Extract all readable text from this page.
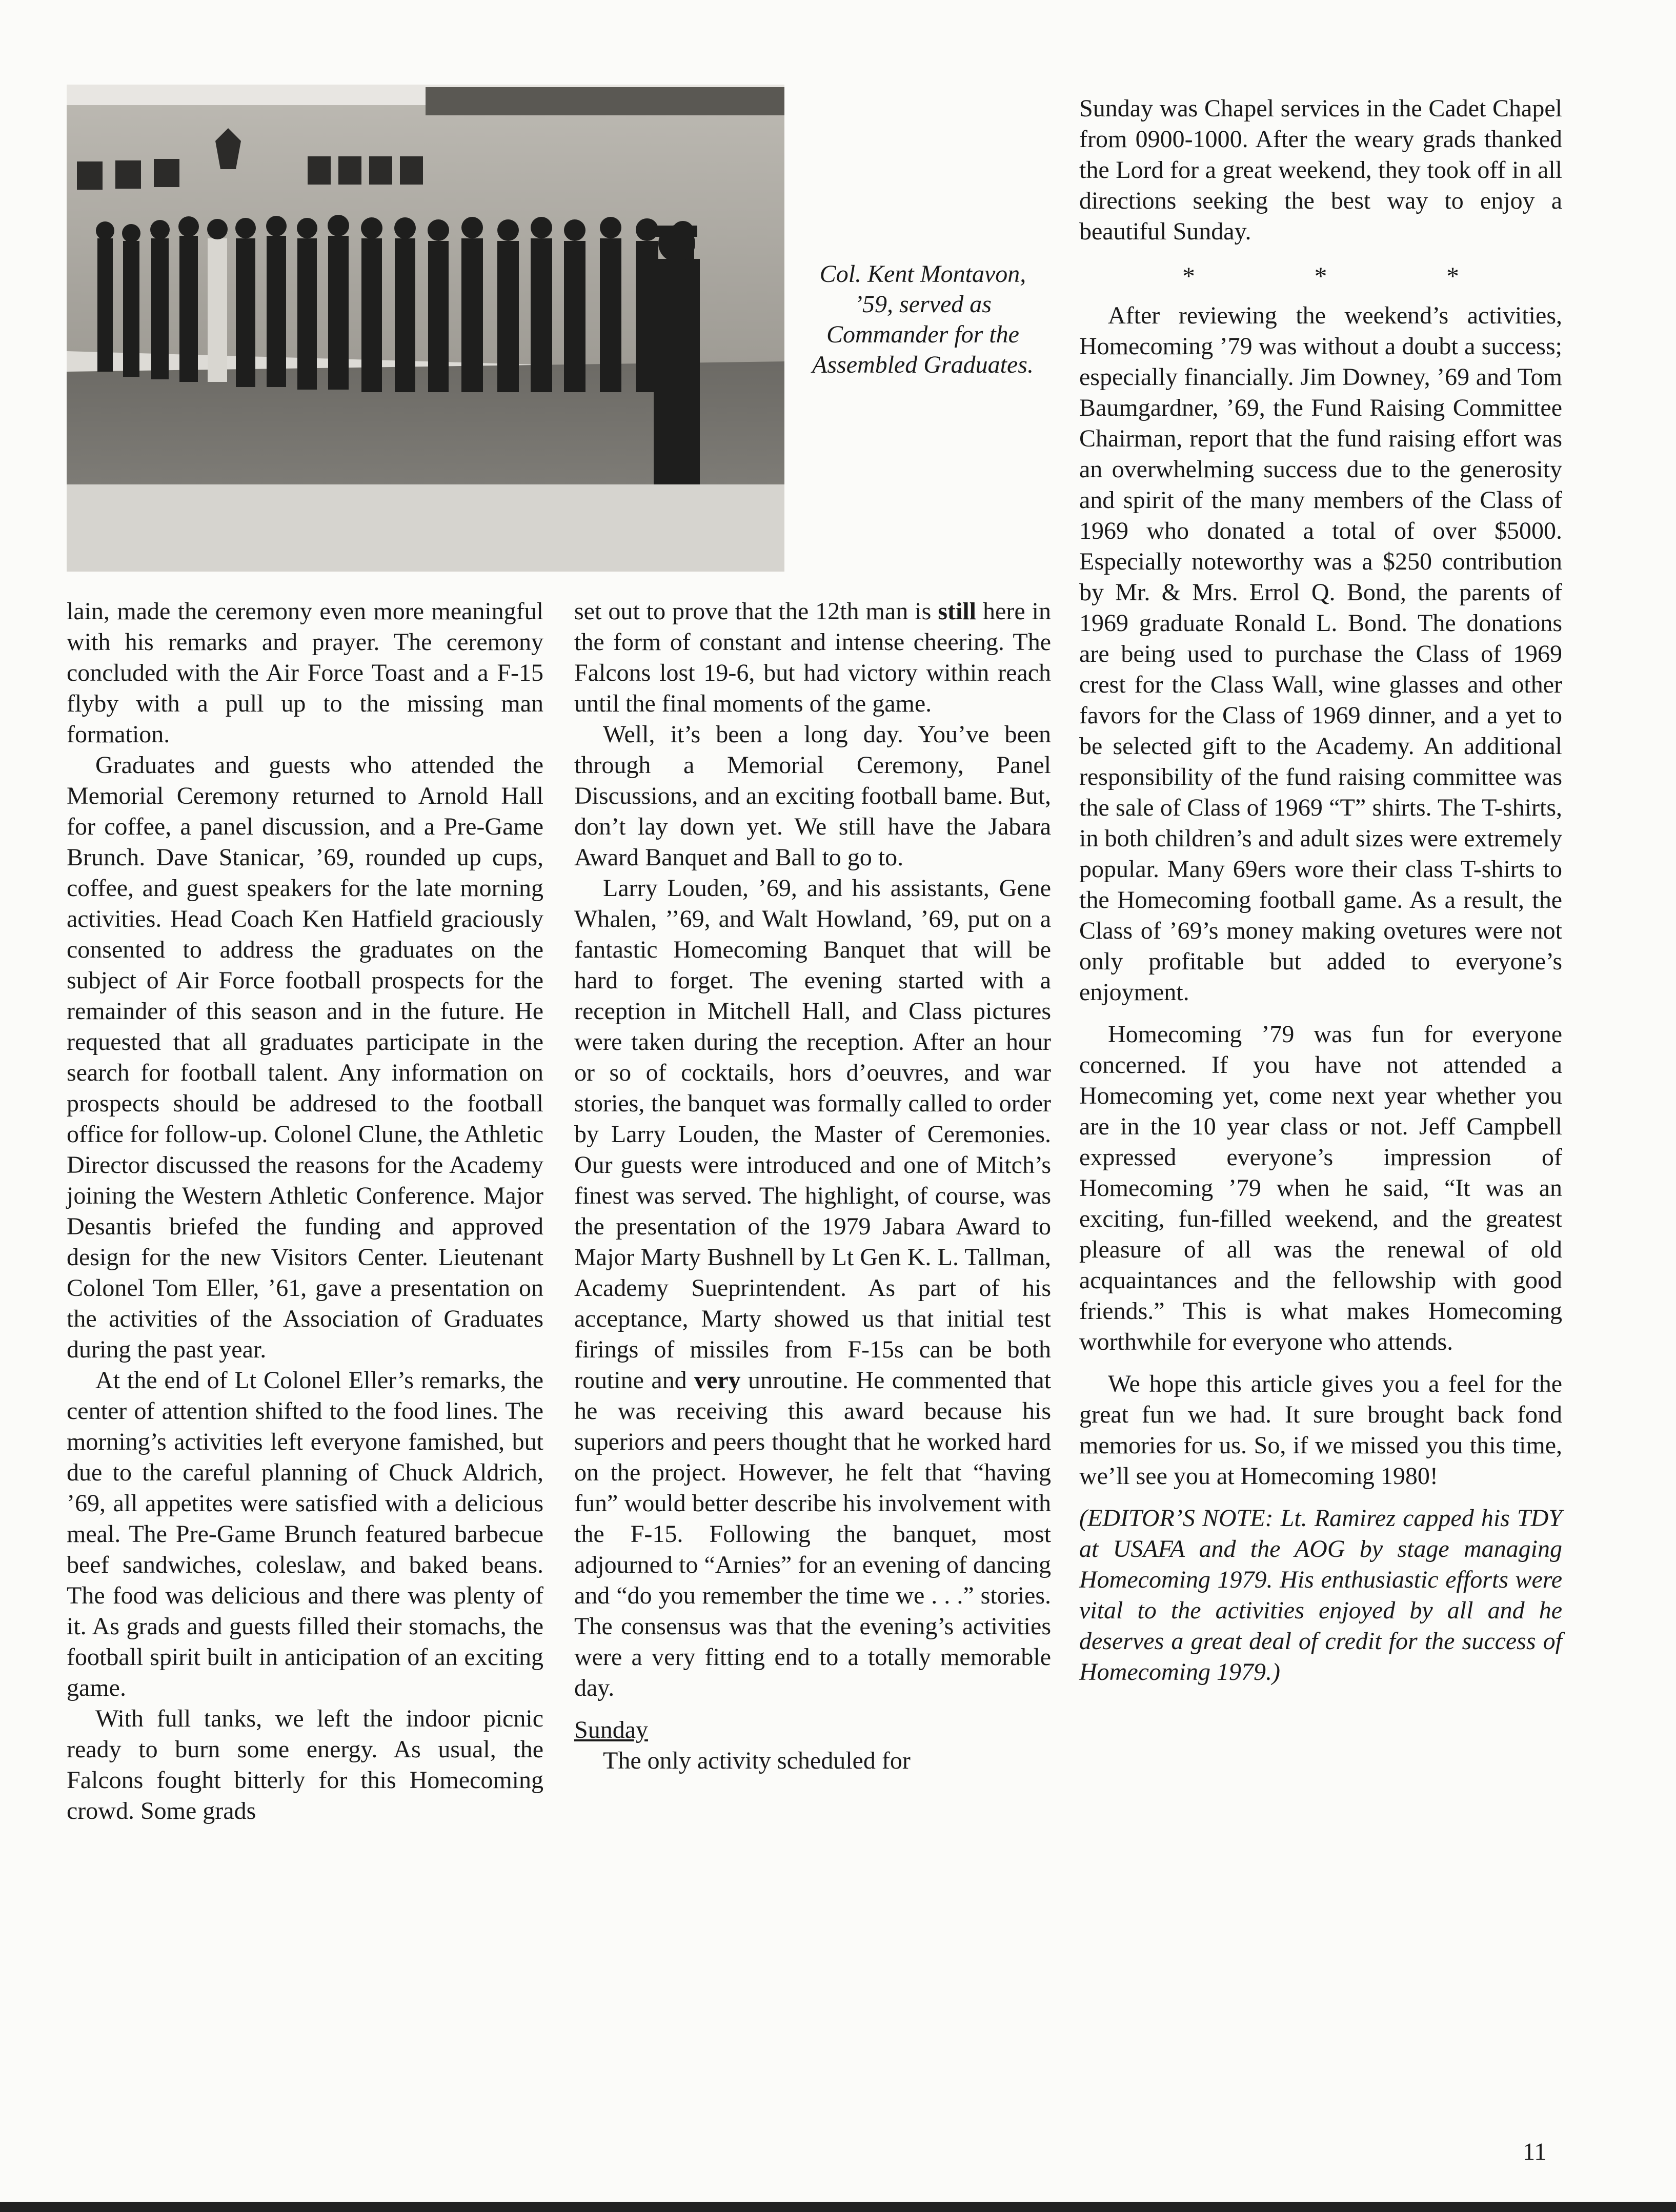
Col. Kent Montavon, ’59, served as Commander for the Assembled Graduates.

lain, made the ceremony even more meaningful with his remarks and prayer. The ceremony concluded with the Air Force Toast and a F-15 flyby with a pull up to the missing man formation.

Graduates and guests who attended the Memorial Ceremony returned to Arnold Hall for coffee, a panel discussion, and a Pre-Game Brunch. Dave Stanicar, ’69, rounded up cups, coffee, and guest speakers for the late morning activities. Head Coach Ken Hatfield graciously consented to address the graduates on the subject of Air Force football prospects for the remainder of this season and in the future. He requested that all graduates participate in the search for football talent. Any information on prospects should be addresed to the football office for follow-up. Colonel Clune, the Athletic Director discussed the reasons for the Academy joining the Western Athletic Conference. Major Desantis briefed the funding and approved design for the new Visitors Center. Lieutenant Colonel Tom Eller, ’61, gave a presentation on the activities of the Association of Graduates during the past year.

At the end of Lt Colonel Eller’s remarks, the center of attention shifted to the food lines. The morning’s activities left everyone famished, but due to the careful planning of Chuck Aldrich, ’69, all appetites were satisfied with a delicious meal. The Pre-Game Brunch featured barbecue beef sandwiches, coleslaw, and baked beans. The food was delicious and there was plenty of it. As grads and guests filled their stomachs, the football spirit built in anticipation of an exciting game.

With full tanks, we left the indoor picnic ready to burn some energy. As usual, the Falcons fought bitterly for this Homecoming crowd. Some grads

set out to prove that the 12th man is still here in the form of constant and intense cheering. The Falcons lost 19-6, but had victory within reach until the final moments of the game.

Well, it’s been a long day. You’ve been through a Memorial Ceremony, Panel Discussions, and an exciting football bame. But, don’t lay down yet. We still have the Jabara Award Banquet and Ball to go to.

Larry Louden, ’69, and his assistants, Gene Whalen, ’’69, and Walt Howland, ’69, put on a fantastic Homecoming Banquet that will be hard to forget. The evening started with a reception in Mitchell Hall, and Class pictures were taken during the reception. After an hour or so of cocktails, hors d’oeuvres, and war stories, the banquet was formally called to order by Larry Louden, the Master of Ceremonies. Our guests were introduced and one of Mitch’s finest was served. The highlight, of course, was the presentation of the 1979 Jabara Award to Major Marty Bushnell by Lt Gen K. L. Tallman, Academy Sueprintendent. As part of his acceptance, Marty showed us that initial test firings of missiles from F-15s can be both routine and very unroutine. He commented that he was receiving this award because his superiors and peers thought that he worked hard on the project. However, he felt that “having fun” would better describe his involvement with the F-15. Following the banquet, most adjourned to “Arnies” for an evening of dancing and “do you remember the time we . . .” stories. The consensus was that the evening’s activities were a very fitting end to a totally memorable day.

Sunday

The only activity scheduled for

Sunday was Chapel services in the Cadet Chapel from 0900-1000. After the weary grads thanked the Lord for a great weekend, they took off in all directions seeking the best way to enjoy a beautiful Sunday.

* * *

After reviewing the weekend’s activities, Homecoming ’79 was without a doubt a success; especially financially. Jim Downey, ’69 and Tom Baumgardner, ’69, the Fund Raising Committee Chairman, report that the fund raising effort was an overwhelming success due to the generosity and spirit of the many members of the Class of 1969 who donated a total of over $5000. Especially noteworthy was a $250 contribution by Mr. & Mrs. Errol Q. Bond, the parents of 1969 graduate Ronald L. Bond. The donations are being used to purchase the Class of 1969 crest for the Class Wall, wine glasses and other favors for the Class of 1969 dinner, and a yet to be selected gift to the Academy. An additional responsibility of the fund raising committee was the sale of Class of 1969 “T” shirts. The T-shirts, in both children’s and adult sizes were extremely popular. Many 69ers wore their class T-shirts to the Homecoming football game. As a result, the Class of ’69’s money making ovetures were not only profitable but added to everyone’s enjoyment.

Homecoming ’79 was fun for everyone concerned. If you have not attended a Homecoming yet, come next year whether you are in the 10 year class or not. Jeff Campbell expressed everyone’s impression of Homecoming ’79 when he said, “It was an exciting, fun-filled weekend, and the greatest pleasure of all was the renewal of old acquaintances and the fellowship with good friends.” This is what makes Homecoming worthwhile for everyone who attends.

We hope this article gives you a feel for the great fun we had. It sure brought back fond memories for us. So, if we missed you this time, we’ll see you at Homecoming 1980!

(EDITOR’S NOTE: Lt. Ramirez capped his TDY at USAFA and the AOG by stage managing Homecoming 1979. His enthusiastic efforts were vital to the activities enjoyed by all and he deserves a great deal of credit for the success of Homecoming 1979.)

11
